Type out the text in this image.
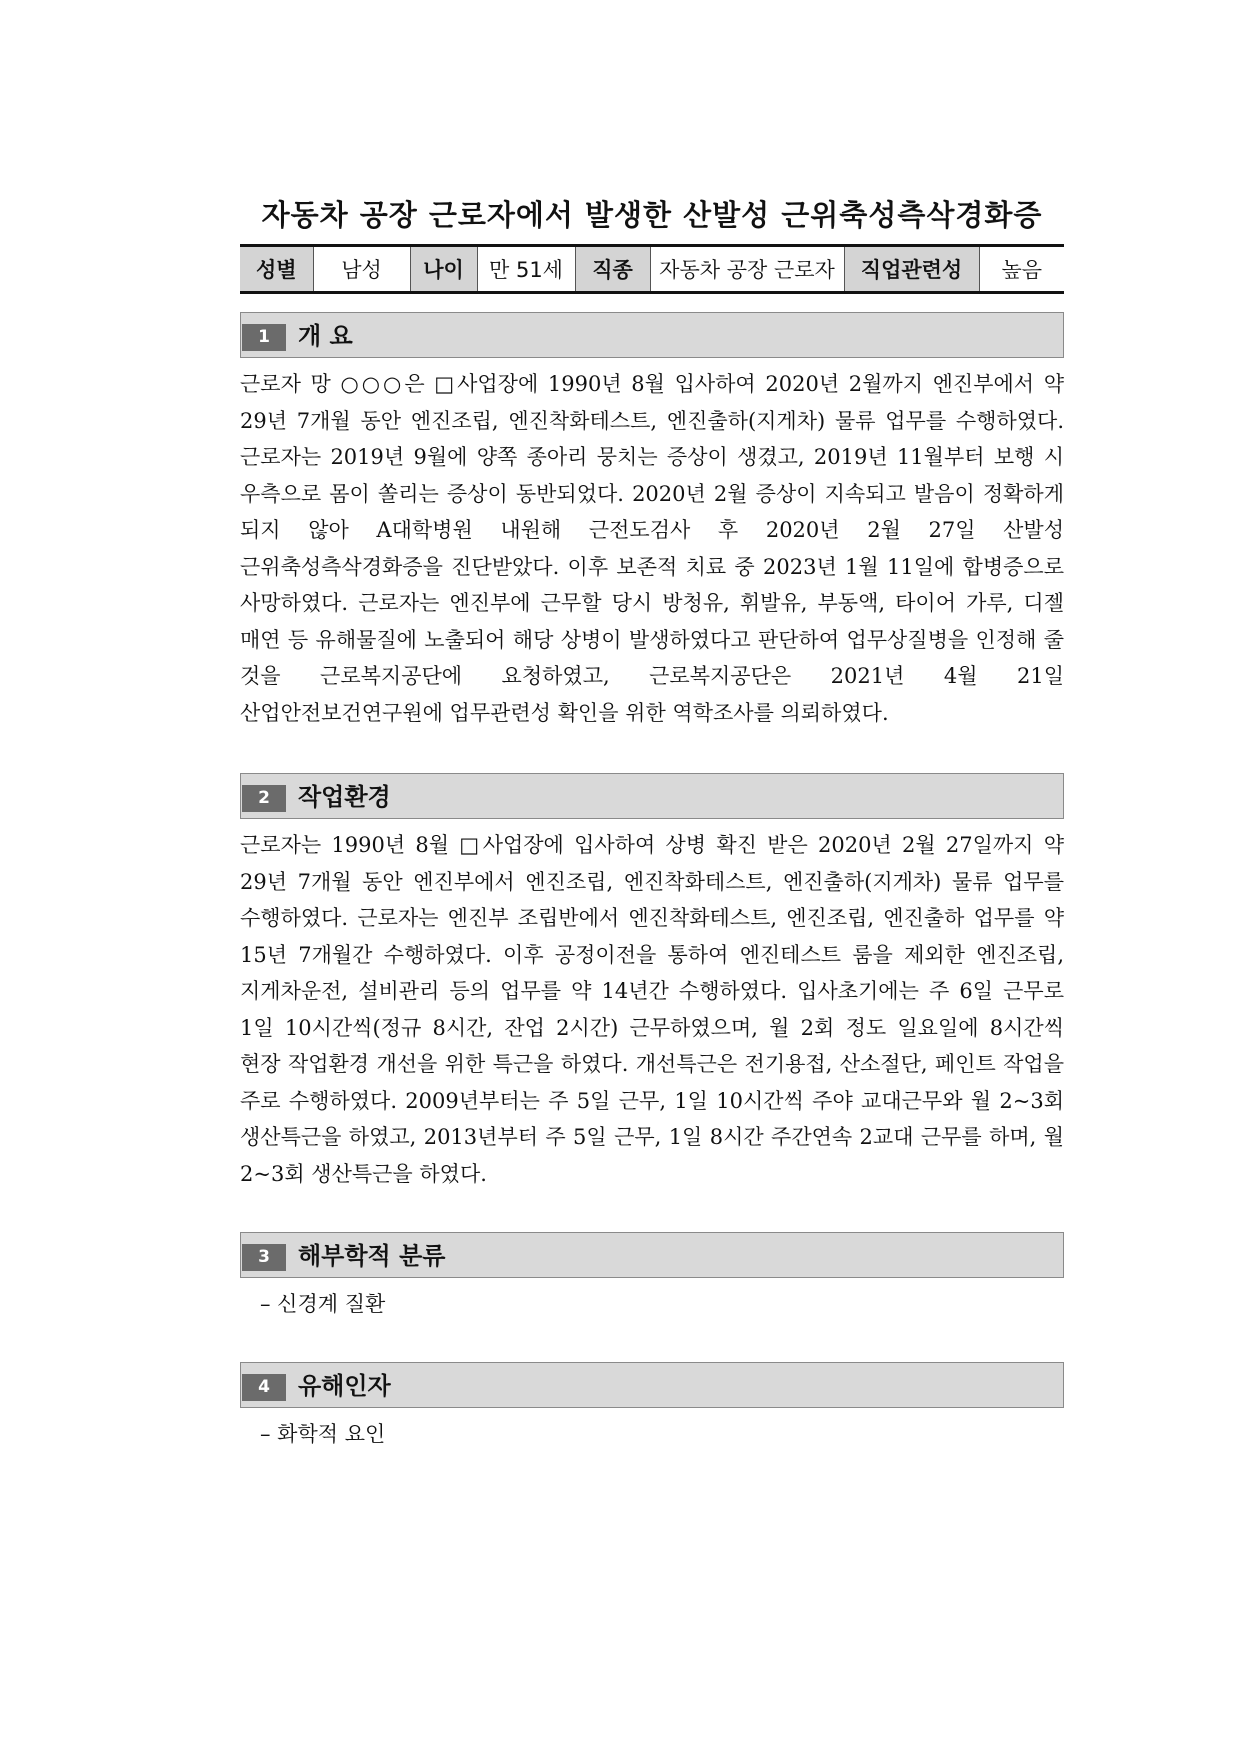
자동차 공장 근로자에서 발생한 산발성 근위축성측삭경화증
성별	남성	나이	만 51세	직종	자동차 공장 근로자	직업관련성	높음
1	개 요

근로자 망 ○○○은 □사업장에 1990년 8월 입사하여 2020년 2월까지 엔진부에서 약 29년 7개월 동안 엔진조립, 엔진착화테스트, 엔진출하(지게차) 물류 업무를 수행하였다. 근로자는 2019년 9월에 양쪽 종아리 뭉치는 증상이 생겼고, 2019년 11월부터 보행 시 우측으로 몸이 쏠리는 증상이 동반되었다. 2020년 2월 증상이 지속되고 발음이 정확하게 되지 않아 A대학병원 내원해 근전도검사 후 2020년 2월 27일 산발성 근위축성측삭경화증을 진단받았다. 이후 보존적 치료 중 2023년 1월 11일에 합병증으로 사망하였다. 근로자는 엔진부에 근무할 당시 방청유, 휘발유, 부동액, 타이어 가루, 디젤 매연 등 유해물질에 노출되어 해당 상병이 발생하였다고 판단하여 업무상질병을 인정해 줄 것을 근로복지공단에 요청하였고, 근로복지공단은 2021년 4월 21일 산업안전보건연구원에 업무관련성 확인을 위한 역학조사를 의뢰하였다.

2	작업환경

근로자는 1990년 8월 □사업장에 입사하여 상병 확진 받은 2020년 2월 27일까지 약 29년 7개월 동안 엔진부에서 엔진조립, 엔진착화테스트, 엔진출하(지게차) 물류 업무를 수행하였다. 근로자는 엔진부 조립반에서 엔진착화테스트, 엔진조립, 엔진출하 업무를 약 15년 7개월간 수행하였다. 이후 공정이전을 통하여 엔진테스트 룸을 제외한 엔진조립, 지게차운전, 설비관리 등의 업무를 약 14년간 수행하였다. 입사초기에는 주 6일 근무로 1일 10시간씩(정규 8시간, 잔업 2시간) 근무하였으며, 월 2회 정도 일요일에 8시간씩 현장 작업환경 개선을 위한 특근을 하였다. 개선특근은 전기용접, 산소절단, 페인트 작업을 주로 수행하였다. 2009년부터는 주 5일 근무, 1일 10시간씩 주야 교대근무와 월 2~3회 생산특근을 하였고, 2013년부터 주 5일 근무, 1일 8시간 주간연속 2교대 근무를 하며, 월 2~3회 생산특근을 하였다.

3	해부학적 분류

– 신경계 질환

4	유해인자

– 화학적 요인
